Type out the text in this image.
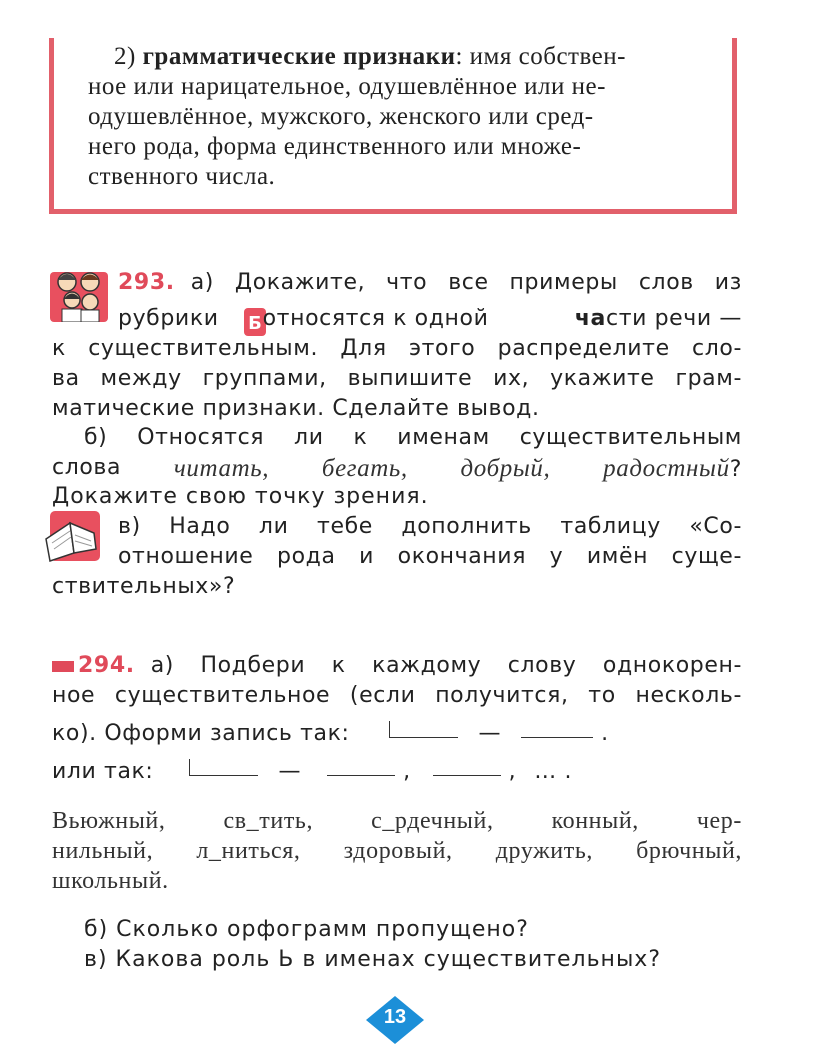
2) грамматические признаки: имя собствен-

ное или нарицательное, одушевлённое или не-

одушевлённое, мужского, женского или сред-

него рода, форма единственного или множе-

ственного числа.

293. а) Докажите, что все примеры слов из
Б
рубрики относятся к одной	части речи —
к существительным. Для этого распределите сло-
ва между группами, выпишите их, укажите грам-
матические признаки. Сделайте вывод.
б) Относятся ли к именам существительным
слова читать, бегать, добрый, радостный?
Докажите свою точку зрения.
в) Надо ли тебе дополнить таблицу «Со-
отношение рода и окончания у имён суще-
ствительных»?
294. а) Подбери к каждому слову однокорен-
ное существительное (если получится, то несколь-
ко). Оформи запись так:	—	.
или так:	—	,	, … .
Вьюжный, св_тить, с_рдечный, конный, чер-
нильный, л_ниться, здоровый, дружить, брючный,
школьный.
б) Сколько орфограмм пропущено?
в) Какова роль Ь в именах существительных?
13
